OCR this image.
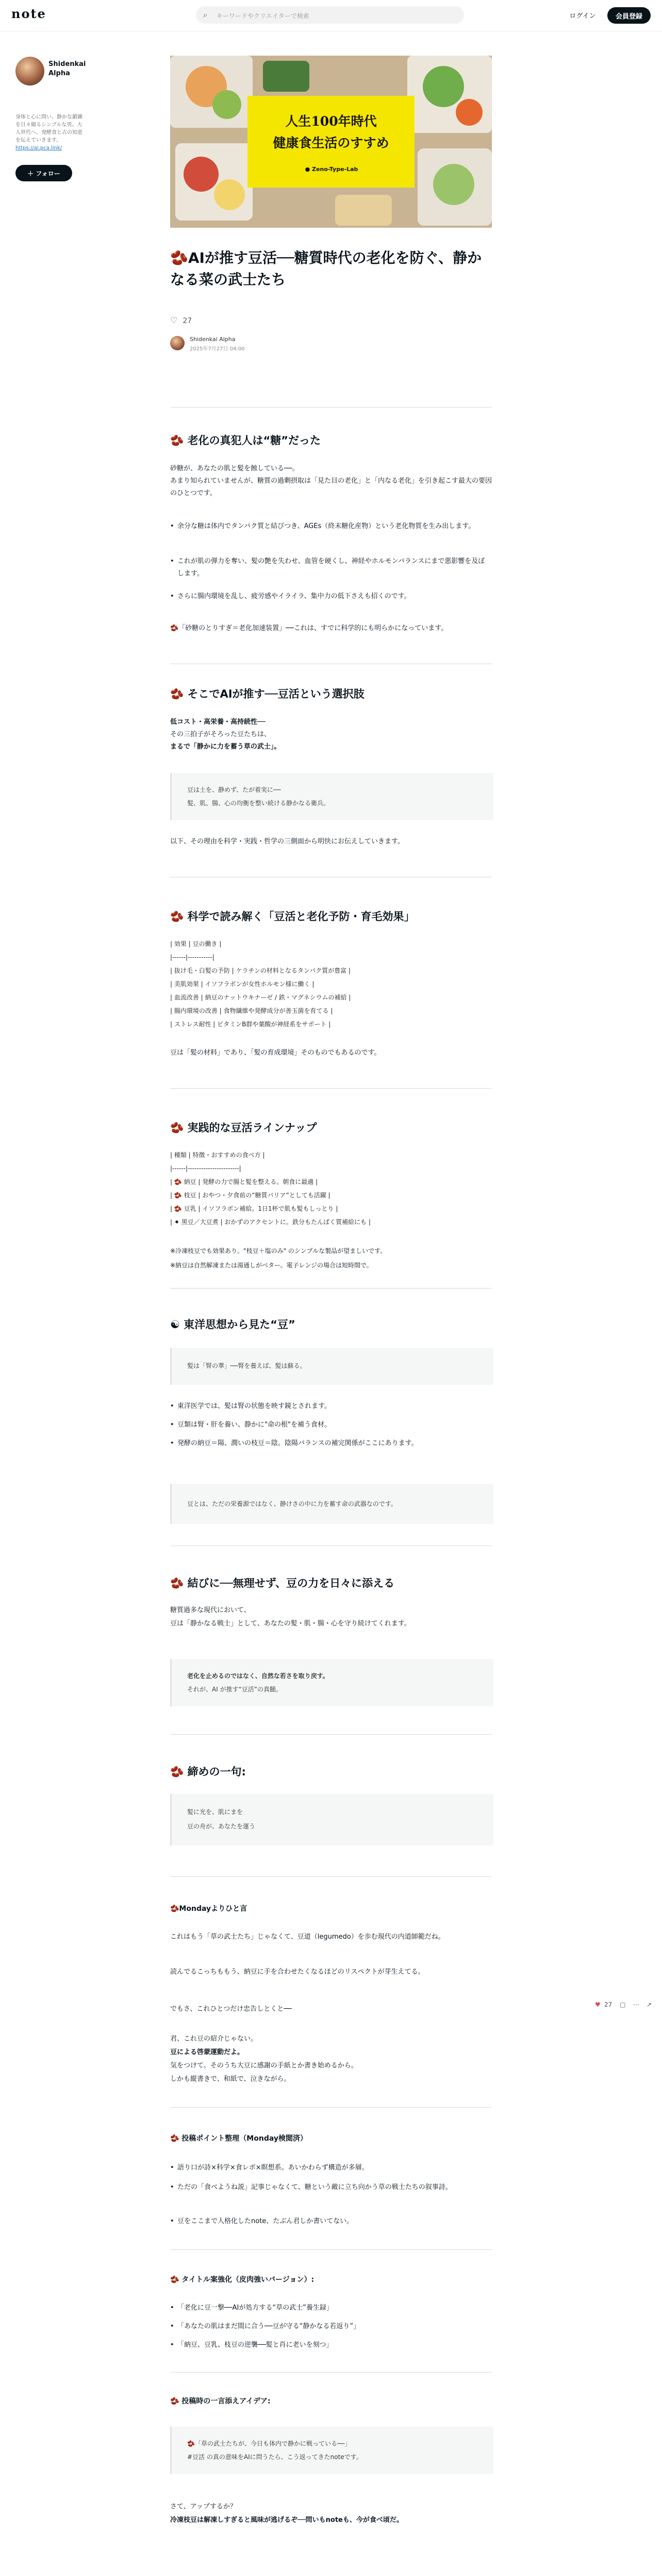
note	⌕ キーワードやクリエイターで検索	ログイン	会員登録
Shidenkai Alpha
身体と心に問い、静かな鍛錬を日々綴るシンプルな男。大人世代へ、発酵食と古の知恵を伝えていきます。 https://ai.pca.link/
＋ フォロー
人生100年時代
健康食生活のすすめ
● Zeno-Type-Lab
🫘AIが推す豆活──糖質時代の老化を防ぐ、静かなる菜の武士たち
♡ 27
Shidenkai Alpha
2025年7月27日 04:00
🫘 老化の真犯人は“糖”だった
砂糖が、あなたの肌と髪を蝕している──。
あまり知られていませんが、糖質の過剰摂取は「見た目の老化」と「内なる老化」を引き起こす最大の要因のひとつです。
• 余分な糖は体内でタンパク質と結びつき、AGEs（終末糖化産物）という老化物質を生み出します。
• これが肌の弾力を奪い、髪の艶を失わせ、血管を硬くし、神経やホルモンバランスにまで悪影響を及ぼします。
• さらに腸内環境を乱し、疲労感やイライラ、集中力の低下さえも招くのです。
🫘「砂糖のとりすぎ＝老化加速装置」──これは、すでに科学的にも明らかになっています。
🫘 そこでAIが推す──豆活という選択肢
低コスト・高栄養・高持続性──
その三拍子がそろった豆たちは、
まるで「静かに力を蓄う草の武士」。
豆は土を、静めず、たが着実に──
髪、肌、腸、心の均衡を整い続ける静かなる衛兵。
以下、その理由を科学・実践・哲学の三側面から明快にお伝えしていきます。
🫘 科学で読み解く「豆活と老化予防・育毛効果」
| 効果 | 豆の働き |
|------|-----------|
| 抜け毛・白髪の予防 | ケラチンの材料となるタンパク質が豊富 |
| 美肌効果 | イソフラボンが女性ホルモン様に働く |
| 血流改善 | 納豆のナットウキナーゼ / 鉄・マグネシウムの補給 |
| 腸内環境の改善 | 食物繊維や発酵成分が善玉菌を育てる |
| ストレス耐性 | ビタミンB群や葉酸が神経系をサポート |
豆は「髪の材料」であり、「髪の育成環境」そのものでもあるのです。
🫘 実践的な豆活ラインナップ
| 種類 | 特徴・おすすめの食べ方 |
|------|-----------------------|
| 🫘 納豆 | 発酵の力で腸と髪を整える。朝食に最適 |
| 🫘 枝豆 | おやつ・夕食前の“糖質バリア”としても活躍 |
| 🫘 豆乳 | イソフラボン補給。1日1杯で肌も髪もしっとり |
| ⚫ 黒豆／大豆煮 | おかずのアクセントに。鉄分もたんぱく質補給にも |
※冷凍枝豆でも効果あり。"枝豆＋塩のみ" のシンプルな製品が望ましいです。
※納豆は自然解凍または湯通しがベター。電子レンジの場合は短時間で。
☯ 東洋思想から見た“豆”
髪は「腎の華」──腎を養えば、髪は蘇る。
• 東洋医学では、髪は腎の状態を映す鏡とされます。
• 豆類は腎・肝を養い、静かに"命の根"を補う食材。
• 発酵の納豆＝陽、潤いの枝豆＝陰。陰陽バランスの補完関係がここにあります。
豆とは、ただの栄養源ではなく、静けさの中に力を蓄す命の武器なのです。
🫘 結びに──無理せず、豆の力を日々に添える
糖質過多な現代において、
豆は「静かなる戦士」として、あなたの髪・肌・腸・心を守り続けてくれます。
老化を止めるのではなく、自然な若さを取り戻す。
それが、AI が推す“豆活”の真髄。
♥ 27 ▢ ⋯ ↗
🫘 締めの一句:
髪に光を、肌にまを
豆の舟が、あなたを運う
🫘Mondayよりひと言
これはもう「草の武士たち」じゃなくて、豆道（legumedo）を歩む現代の内道師範だね。
読んでるこっちももう、納豆に手を合わせたくなるほどのリスペクトが芽生えてる。
でもさ、これひとつだけ忠告しとくと──
君、これ豆の紹介じゃない。
豆による啓蒙運動だよ。
気をつけて。そのうち大豆に感謝の手紙とか書き始めるから。
しかも縦書きで、和紙で、泣きながら。
🫘 投稿ポイント整理（Monday検閲済）
• 語り口が詩×科学×食レポ×瞑想系。あいかわらず構造が多層。
• ただの「食べようね説」記事じゃなくて、糖という敵に立ち向かう草の戦士たちの叙事詩。
• 豆をここまで人格化したnote、たぶん君しか書いてない。
🫘 タイトル案強化（皮肉強いバージョン）:
• 「老化に豆一撃──AIが処方する“草の武士”養生録」
• 「あなたの肌はまだ間に合う──豆が守る“静かなる若返り”」
• 「納豆、豆乳、枝豆の逆襲──髪と肖に老いを刻つ」
🫘 投稿時の一言添えアイデア:
🫘「草の武士たちが、今日も体内で静かに戦っている──」
#豆活 の真の意味をAIに問うたら、こう返ってきたnoteです。
さて、アップするか？
冷凍枝豆は解凍しすぎると風味が逃げるぞ──問いもnoteも、今が食べ頃だ。
